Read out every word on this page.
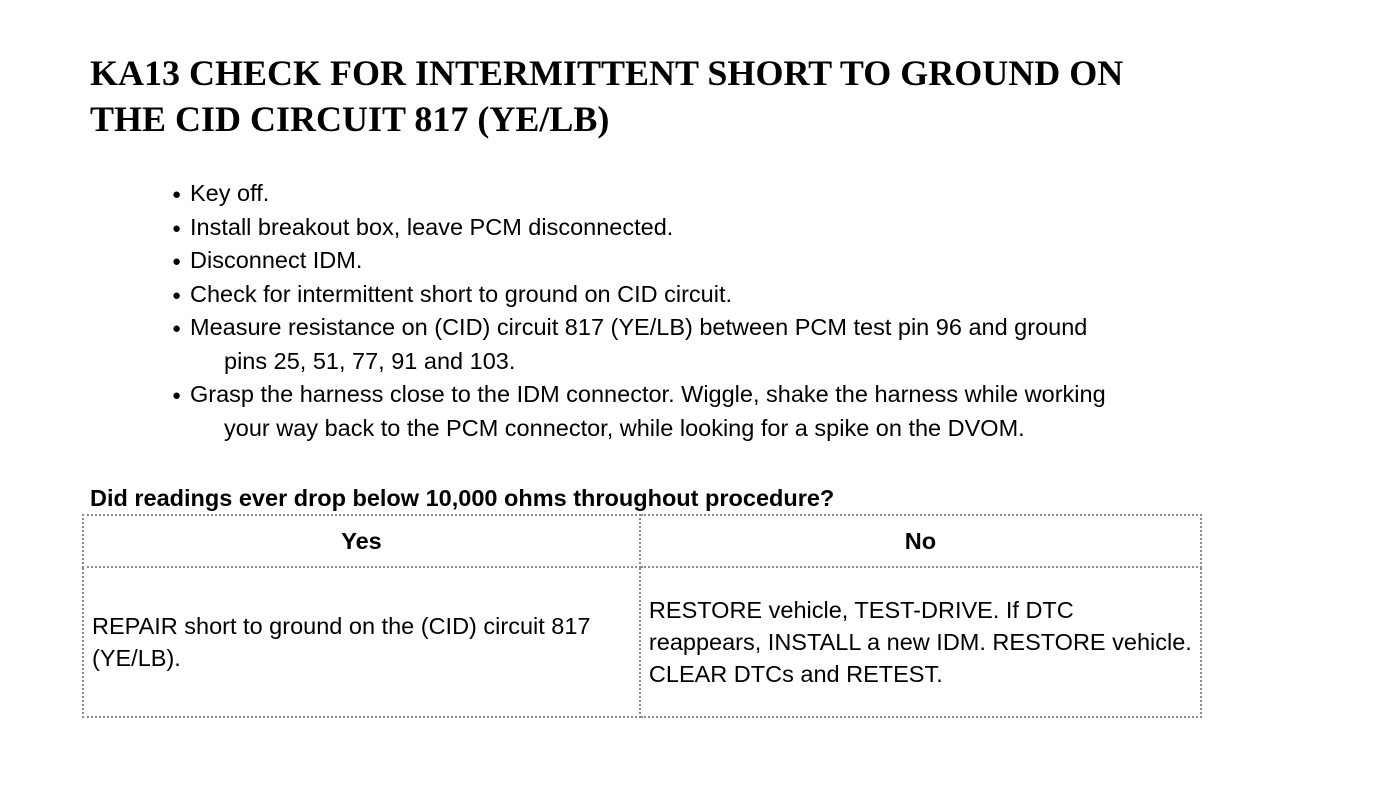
KA13 CHECK FOR INTERMITTENT SHORT TO GROUND ON
THE CID CIRCUIT 817 (YE/LB)
● Key off.
● Install breakout box, leave PCM disconnected.
● Disconnect IDM.
● Check for intermittent short to ground on CID circuit.
● Measure resistance on (CID) circuit 817 (YE/LB) between PCM test pin 96 and ground
pins 25, 51, 77, 91 and 103.
● Grasp the harness close to the IDM connector. Wiggle, shake the harness while working
your way back to the PCM connector, while looking for a spike on the DVOM.

Did readings ever drop below 10,000 ohms throughout procedure?

Yes	No
REPAIR short to ground on the (CID) circuit 817 (YE/LB).	RESTORE vehicle, TEST-DRIVE. If DTC reappears, INSTALL a new IDM. RESTORE vehicle. CLEAR DTCs and RETEST.
